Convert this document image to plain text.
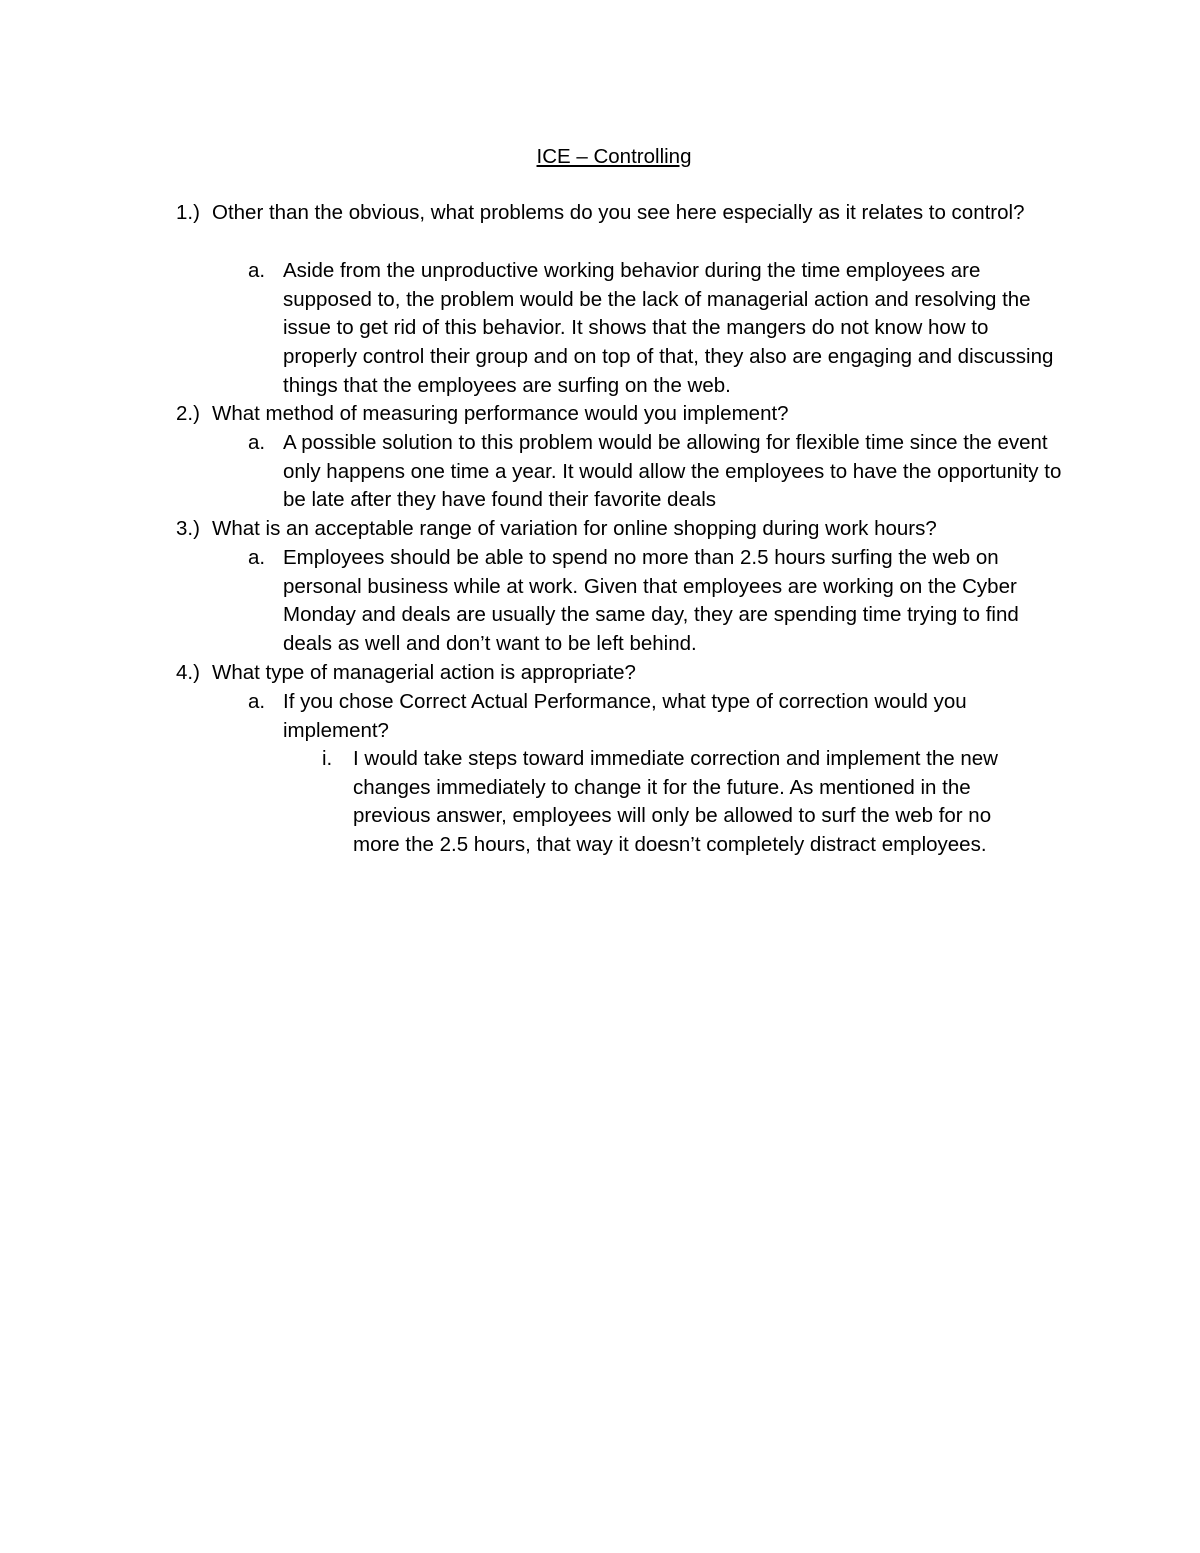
ICE – Controlling
1.) Other than the obvious, what problems do you see here especially as it relates to control?
a. Aside from the unproductive working behavior during the time employees are supposed to, the problem would be the lack of managerial action and resolving the issue to get rid of this behavior. It shows that the mangers do not know how to properly control their group and on top of that, they also are engaging and discussing things that the employees are surfing on the web.
2.) What method of measuring performance would you implement?
a. A possible solution to this problem would be allowing for flexible time since the event only happens one time a year. It would allow the employees to have the opportunity to be late after they have found their favorite deals
3.) What is an acceptable range of variation for online shopping during work hours?
a. Employees should be able to spend no more than 2.5 hours surfing the web on personal business while at work. Given that employees are working on the Cyber Monday and deals are usually the same day, they are spending time trying to find deals as well and don’t want to be left behind.
4.) What type of managerial action is appropriate?
a. If you chose Correct Actual Performance, what type of correction would you implement?
i. I would take steps toward immediate correction and implement the new changes immediately to change it for the future. As mentioned in the previous answer, employees will only be allowed to surf the web for no more the 2.5 hours, that way it doesn’t completely distract employees.
